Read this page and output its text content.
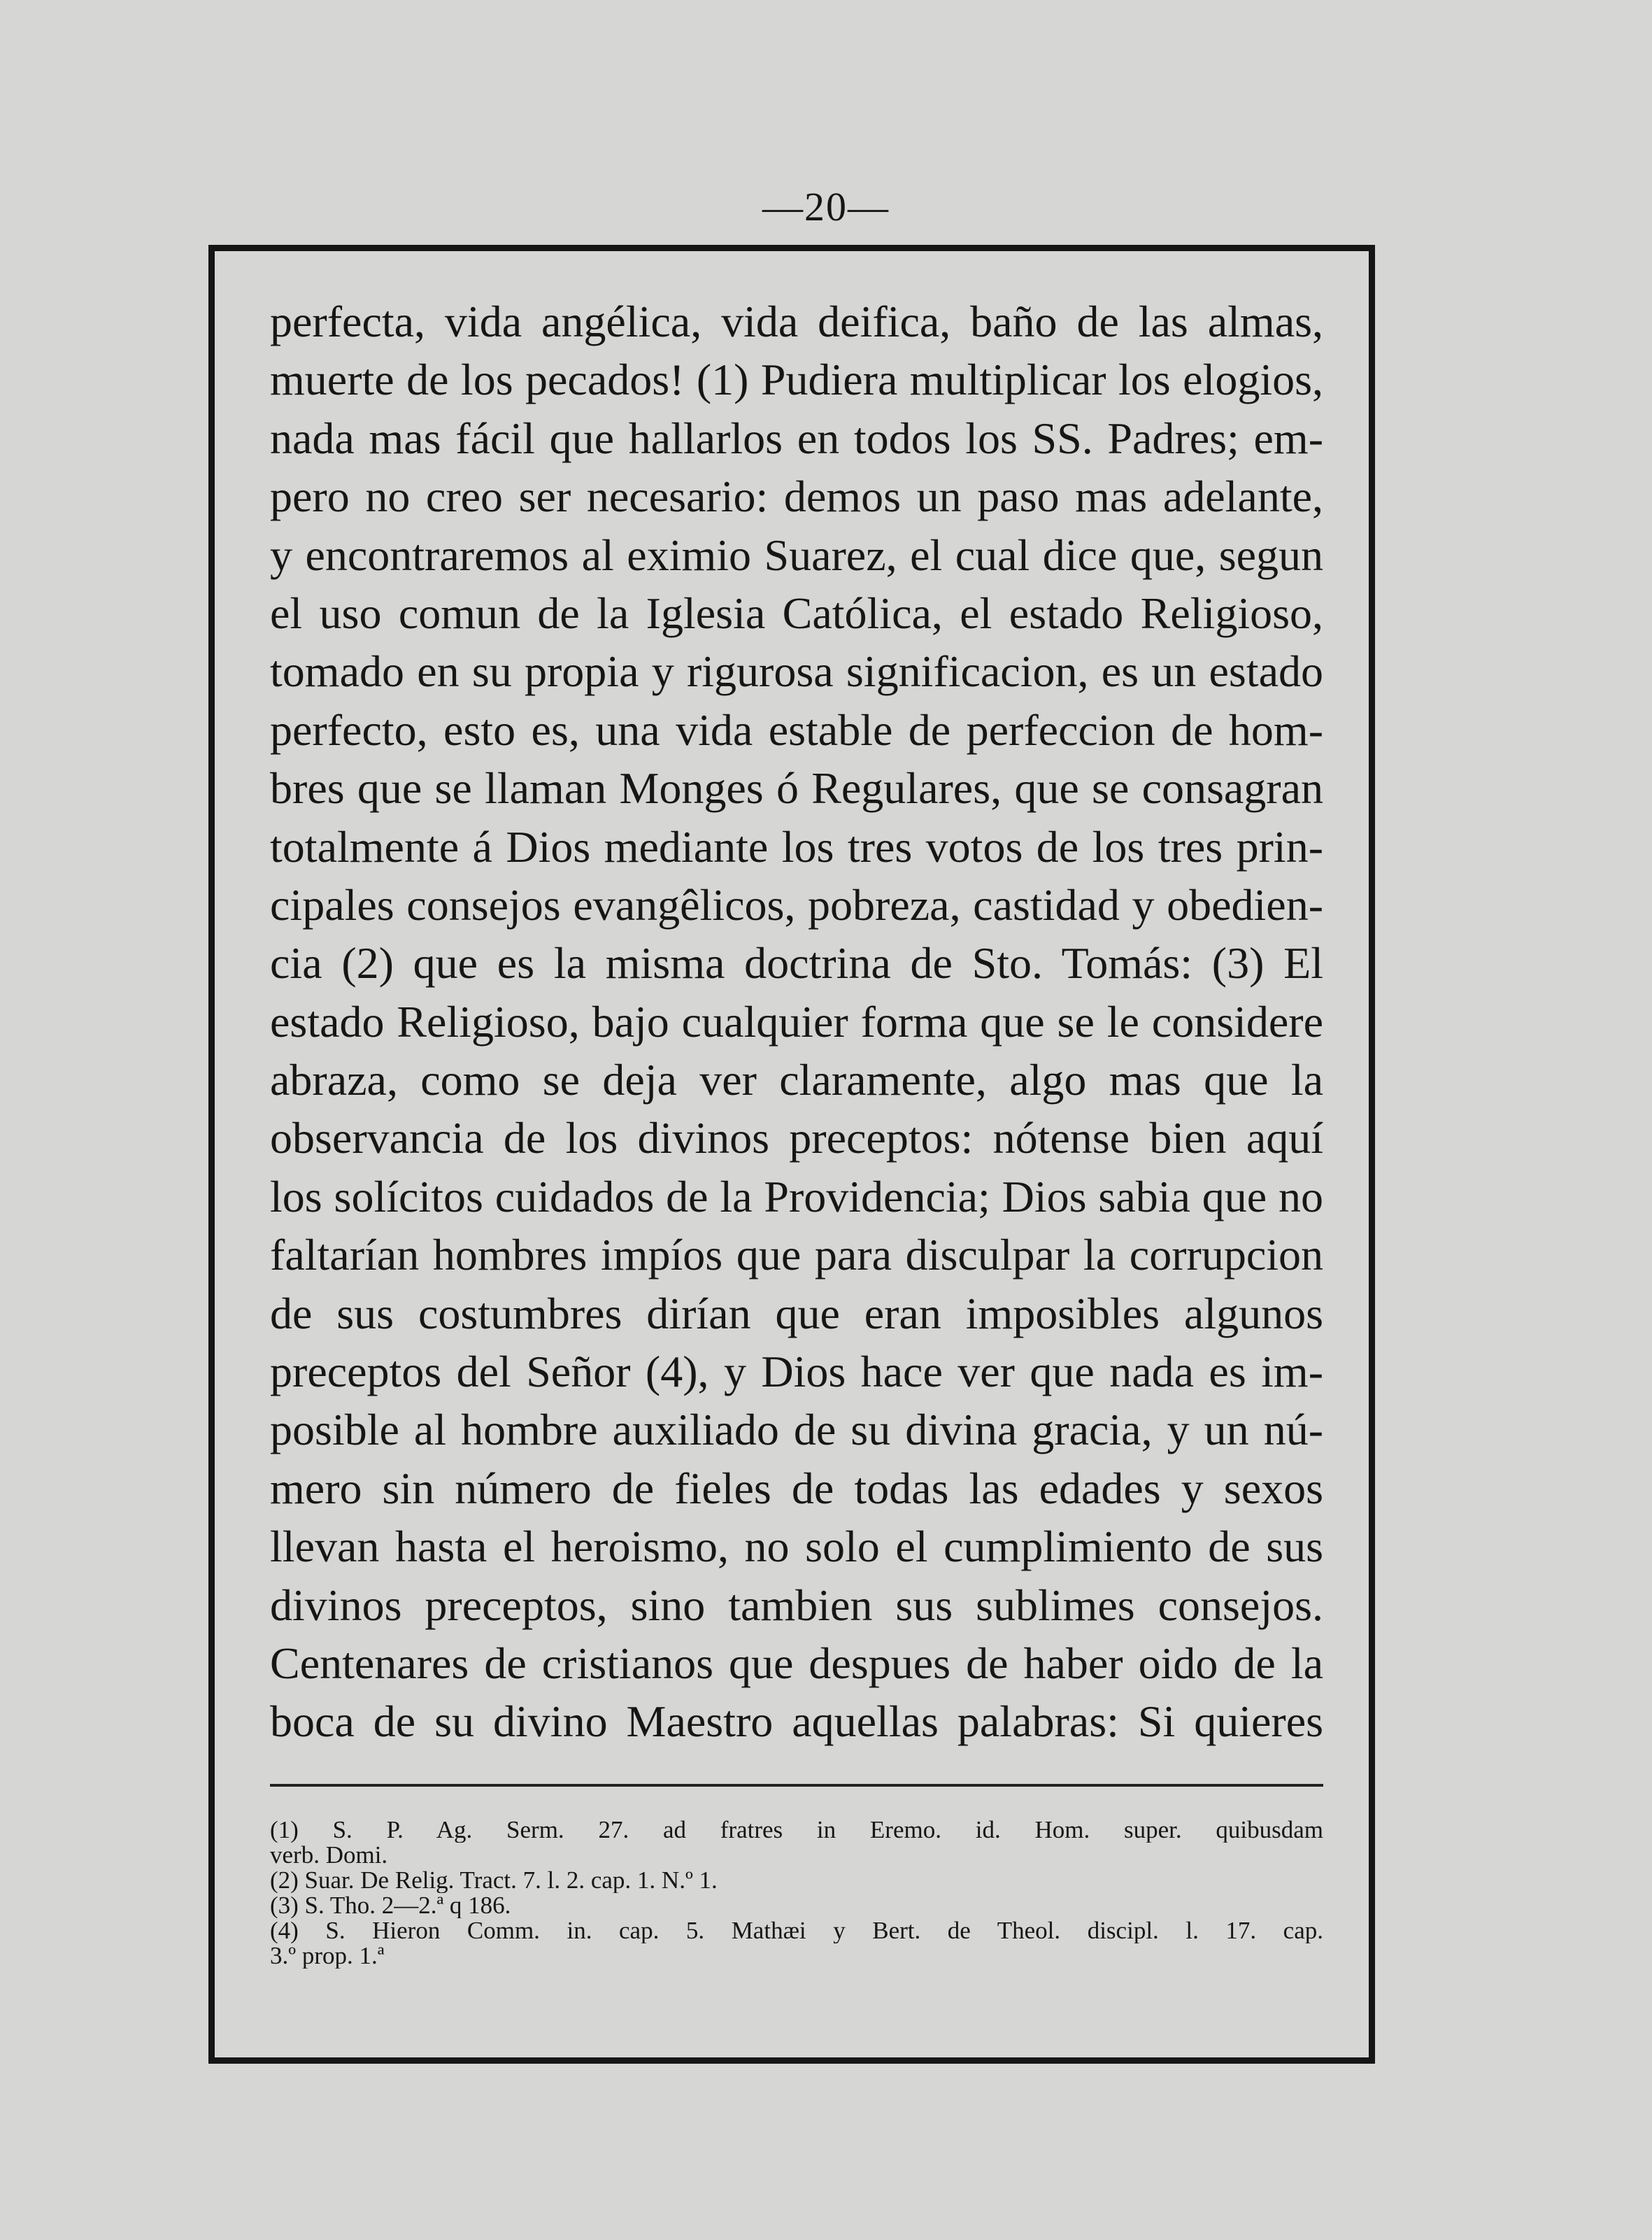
—20—
perfecta, vida angélica, vida deifica, baño de las almas,
muerte de los pecados! (1) Pudiera multiplicar los elogios,
nada mas fácil que hallarlos en todos los SS. Padres; em-
pero no creo ser necesario: demos un paso mas adelante,
y encontraremos al eximio Suarez, el cual dice que, segun
el uso comun de la Iglesia Católica, el estado Religioso,
tomado en su propia y rigurosa significacion, es un estado
perfecto, esto es, una vida estable de perfeccion de hom-
bres que se llaman Monges ó Regulares, que se consagran
totalmente á Dios mediante los tres votos de los tres prin-
cipales consejos evangêlicos, pobreza, castidad y obedien-
cia (2) que es la misma doctrina de Sto. Tomás: (3) El
estado Religioso, bajo cualquier forma que se le considere
abraza, como se deja ver claramente, algo mas que la
observancia de los divinos preceptos: nótense bien aquí
los solícitos cuidados de la Providencia; Dios sabia que no
faltarían hombres impíos que para disculpar la corrupcion
de sus costumbres dirían que eran imposibles algunos
preceptos del Señor (4), y Dios hace ver que nada es im-
posible al hombre auxiliado de su divina gracia, y un nú-
mero sin número de fieles de todas las edades y sexos
llevan hasta el heroismo, no solo el cumplimiento de sus
divinos preceptos, sino tambien sus sublimes consejos.
Centenares de cristianos que despues de haber oido de la
boca de su divino Maestro aquellas palabras: Si quieres
(1) S. P. Ag. Serm. 27. ad fratres in Eremo. id. Hom. super. quibusdam
verb. Domi.
(2) Suar. De Relig. Tract. 7. l. 2. cap. 1. N.º 1.
(3) S. Tho. 2—2.ª q 186.
(4) S. Hieron Comm. in. cap. 5. Mathæi y Bert. de Theol. discipl. l. 17. cap.
3.º prop. 1.ª
